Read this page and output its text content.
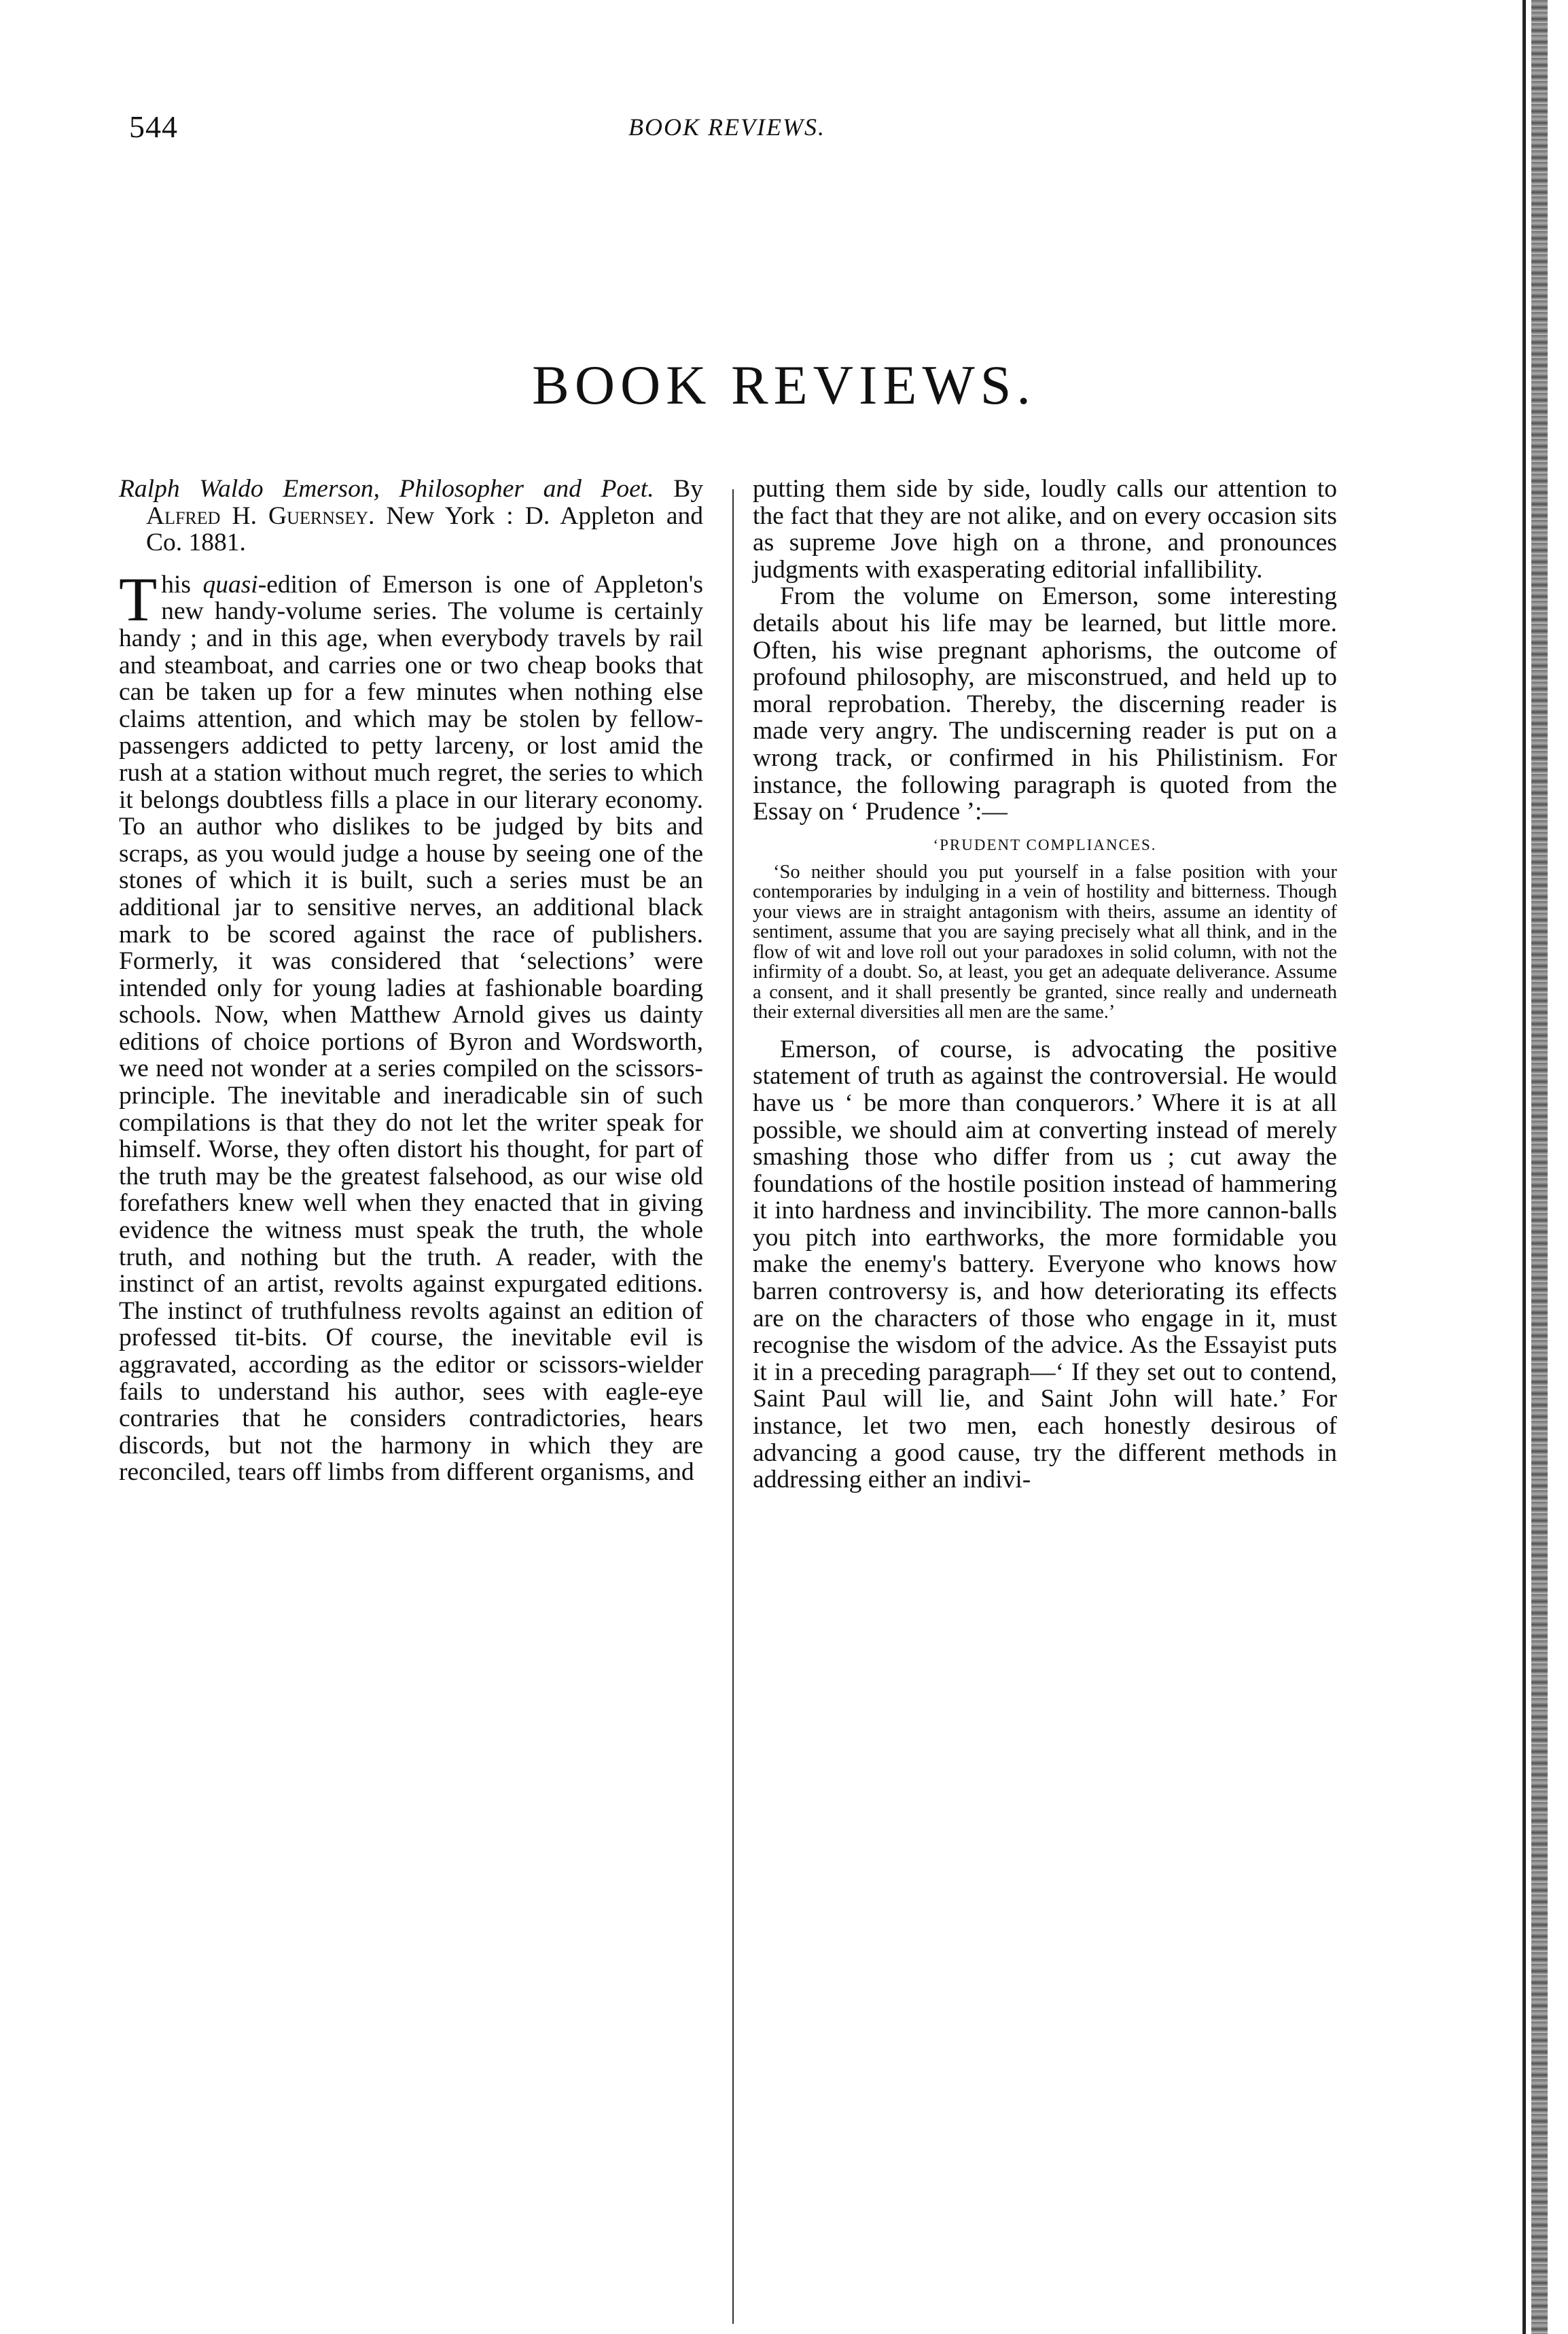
544	BOOK REVIEWS.
BOOK REVIEWS.

Ralph Waldo Emerson, Philosopher and Poet. By Alfred H. Guernsey. New York : D. Appleton and Co. 1881.

This quasi-edition of Emerson is one of Appleton's new handy-volume series. The volume is certainly handy ; and in this age, when everybody travels by rail and steamboat, and carries one or two cheap books that can be taken up for a few minutes when nothing else claims attention, and which may be stolen by fellow-passengers addicted to petty larceny, or lost amid the rush at a station without much regret, the series to which it belongs doubtless fills a place in our literary economy. To an author who dislikes to be judged by bits and scraps, as you would judge a house by seeing one of the stones of which it is built, such a series must be an additional jar to sensitive nerves, an additional black mark to be scored against the race of publishers. Formerly, it was considered that ‘selections’ were intended only for young ladies at fashionable boarding schools. Now, when Matthew Arnold gives us dainty editions of choice portions of Byron and Wordsworth, we need not wonder at a series compiled on the scissors-principle. The inevitable and ineradicable sin of such compilations is that they do not let the writer speak for himself. Worse, they often distort his thought, for part of the truth may be the greatest falsehood, as our wise old forefathers knew well when they enacted that in giving evidence the witness must speak the truth, the whole truth, and nothing but the truth. A reader, with the instinct of an artist, revolts against expurgated editions. The instinct of truthfulness revolts against an edition of professed tit-bits. Of course, the inevitable evil is aggravated, according as the editor or scissors-wielder fails to understand his author, sees with eagle-eye contraries that he considers contradictories, hears discords, but not the harmony in which they are reconciled, tears off limbs from different organisms, and

putting them side by side, loudly calls our attention to the fact that they are not alike, and on every occasion sits as supreme Jove high on a throne, and pronounces judgments with exasperating editorial infallibility.

From the volume on Emerson, some interesting details about his life may be learned, but little more. Often, his wise pregnant aphorisms, the outcome of profound philosophy, are misconstrued, and held up to moral reprobation. Thereby, the discerning reader is made very angry. The undiscerning reader is put on a wrong track, or confirmed in his Philistinism. For instance, the following paragraph is quoted from the Essay on ‘ Prudence ’:—

‘PRUDENT COMPLIANCES.

‘So neither should you put yourself in a false position with your contemporaries by indulging in a vein of hostility and bitterness. Though your views are in straight antagonism with theirs, assume an identity of sentiment, assume that you are saying precisely what all think, and in the flow of wit and love roll out your paradoxes in solid column, with not the infirmity of a doubt. So, at least, you get an adequate deliverance. Assume a consent, and it shall presently be granted, since really and underneath their external diversities all men are the same.’

Emerson, of course, is advocating the positive statement of truth as against the controversial. He would have us ‘ be more than conquerors.’ Where it is at all possible, we should aim at converting instead of merely smashing those who differ from us ; cut away the foundations of the hostile position instead of hammering it into hardness and invincibility. The more cannon-balls you pitch into earthworks, the more formidable you make the enemy's battery. Everyone who knows how barren controversy is, and how deteriorating its effects are on the characters of those who engage in it, must recognise the wisdom of the advice. As the Essayist puts it in a preceding paragraph—‘ If they set out to contend, Saint Paul will lie, and Saint John will hate.’ For instance, let two men, each honestly desirous of advancing a good cause, try the different methods in addressing either an indivi-
